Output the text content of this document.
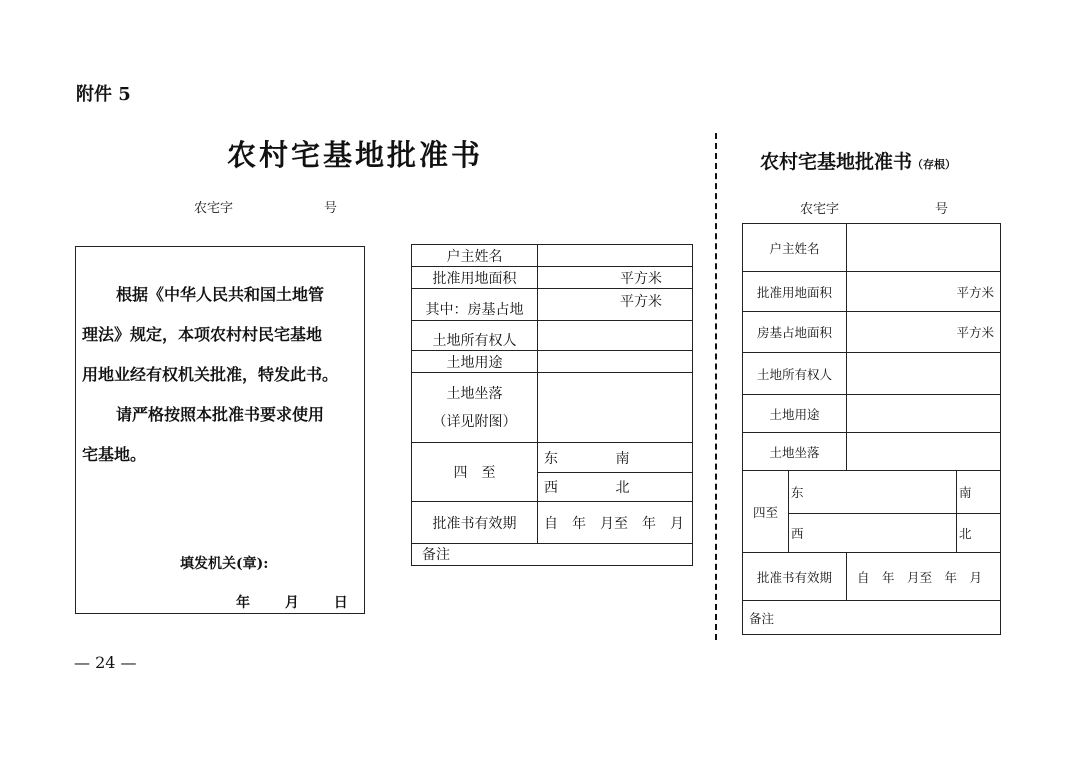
附件 5
农村宅基地批准书
农宅字	号

根据《中华人民共和国土地管

理法》规定，本项农村村民宅基地

用地业经有权机关批准，特发此书。

请严格按照本批准书要求使用

宅基地。

填发机关(章):
年 月 日
户主姓名		
批准用地面积	平方米	
其中：房基占地	平方米	
土地所有权人		
土地用途		

土地坐落
（详见附图）		

四　至	东	南
	西	北
批准书有效期	自　年　月至　年　月	
备注		
农村宅基地批准书（存根）
农宅字	号
户主姓名			
批准用地面积		平方米	
房基占地面积		平方米	
土地所有权人			
土地用途			
土地坐落			
四至	东		南
	西		北
批准书有效期		自　年　月至　年　月	
备注			
— 24 —
